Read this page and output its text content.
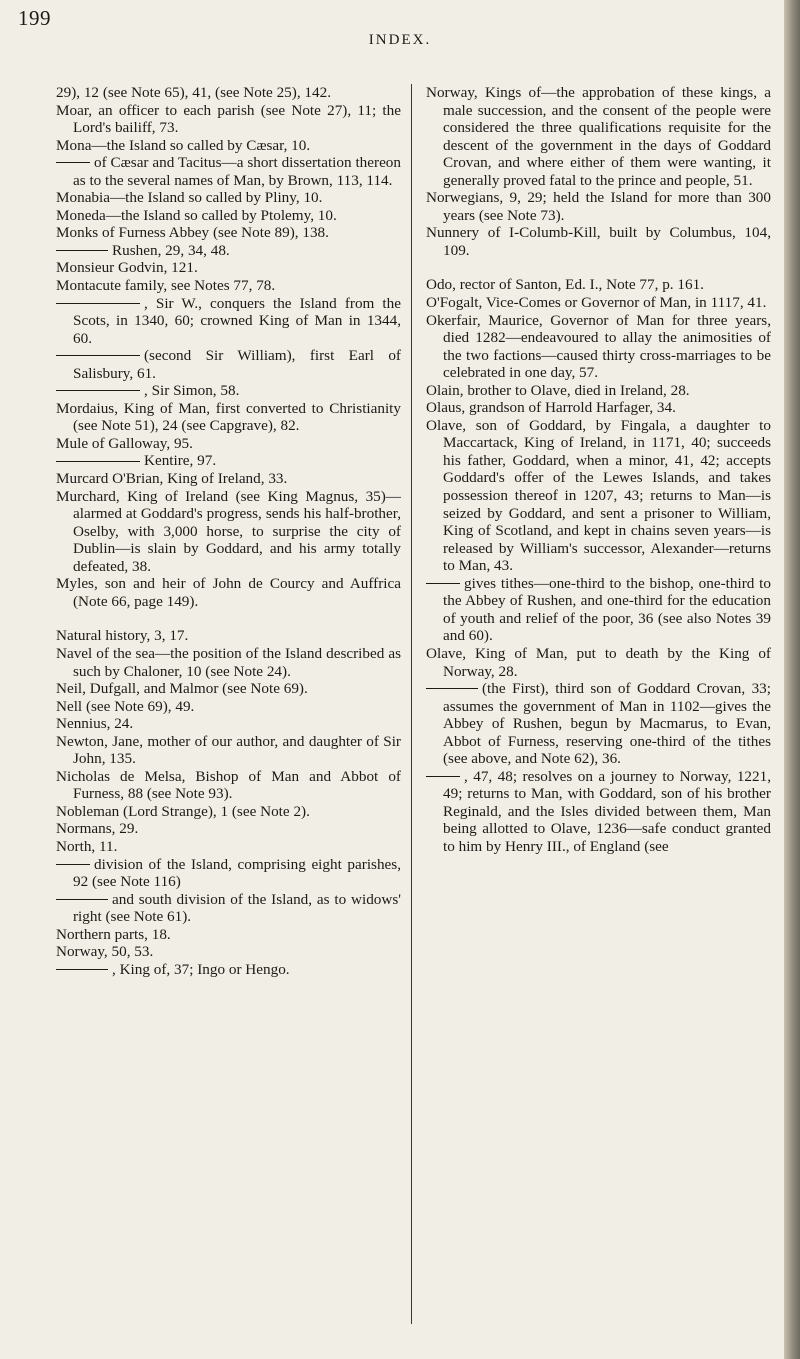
199
INDEX.

29), 12 (see Note 65), 41, (see Note 25), 142.

Moar, an officer to each parish (see Note 27), 11; the Lord's bailiff, 73.

Mona—the Island so called by Cæsar, 10.

of Cæsar and Tacitus—a short dissertation thereon as to the several names of Man, by Brown, 113, 114.

Monabia—the Island so called by Pliny, 10.

Moneda—the Island so called by Ptolemy, 10.

Monks of Furness Abbey (see Note 89), 138.

Rushen, 29, 34, 48.

Monsieur Godvin, 121.

Montacute family, see Notes 77, 78.

, Sir W., conquers the Island from the Scots, in 1340, 60; crowned King of Man in 1344, 60.

(second Sir William), first Earl of Salisbury, 61.

, Sir Simon, 58.

Mordaius, King of Man, first converted to Christianity (see Note 51), 24 (see Capgrave), 82.

Mule of Galloway, 95.

Kentire, 97.

Murcard O'Brian, King of Ireland, 33.

Murchard, King of Ireland (see King Magnus, 35)—alarmed at Goddard's progress, sends his half-brother, Oselby, with 3,000 horse, to surprise the city of Dublin—is slain by Goddard, and his army totally defeated, 38.

Myles, son and heir of John de Courcy and Auffrica (Note 66, page 149).

Natural history, 3, 17.

Navel of the sea—the position of the Island described as such by Chaloner, 10 (see Note 24).

Neil, Dufgall, and Malmor (see Note 69).

Nell (see Note 69), 49.

Nennius, 24.

Newton, Jane, mother of our author, and daughter of Sir John, 135.

Nicholas de Melsa, Bishop of Man and Abbot of Furness, 88 (see Note 93).

Nobleman (Lord Strange), 1 (see Note 2).

Normans, 29.

North, 11.

division of the Island, comprising eight parishes, 92 (see Note 116)

and south division of the Island, as to widows' right (see Note 61).

Northern parts, 18.

Norway, 50, 53.

, King of, 37; Ingo or Hengo.

Norway, Kings of—the approbation of these kings, a male succession, and the consent of the people were considered the three qualifications requisite for the descent of the government in the days of Goddard Crovan, and where either of them were wanting, it generally proved fatal to the prince and people, 51.

Norwegians, 9, 29; held the Island for more than 300 years (see Note 73).

Nunnery of I-Columb-Kill, built by Columbus, 104, 109.

Odo, rector of Santon, Ed. I., Note 77, p. 161.

O'Fogalt, Vice-Comes or Governor of Man, in 1117, 41.

Okerfair, Maurice, Governor of Man for three years, died 1282—endeavoured to allay the animosities of the two factions—caused thirty cross-marriages to be celebrated in one day, 57.

Olain, brother to Olave, died in Ireland, 28.

Olaus, grandson of Harrold Harfager, 34.

Olave, son of Goddard, by Fingala, a daughter to Maccartack, King of Ireland, in 1171, 40; succeeds his father, Goddard, when a minor, 41, 42; accepts Goddard's offer of the Lewes Islands, and takes possession thereof in 1207, 43; returns to Man—is seized by Goddard, and sent a prisoner to William, King of Scotland, and kept in chains seven years—is released by William's successor, Alexander—returns to Man, 43.

gives tithes—one-third to the bishop, one-third to the Abbey of Rushen, and one-third for the education of youth and relief of the poor, 36 (see also Notes 39 and 60).

Olave, King of Man, put to death by the King of Norway, 28.

(the First), third son of Goddard Crovan, 33; assumes the government of Man in 1102—gives the Abbey of Rushen, begun by Macmarus, to Evan, Abbot of Furness, reserving one-third of the tithes (see above, and Note 62), 36.

, 47, 48; resolves on a journey to Norway, 1221, 49; returns to Man, with Goddard, son of his brother Reginald, and the Isles divided between them, Man being allotted to Olave, 1236—safe conduct granted to him by Henry III., of England (see
